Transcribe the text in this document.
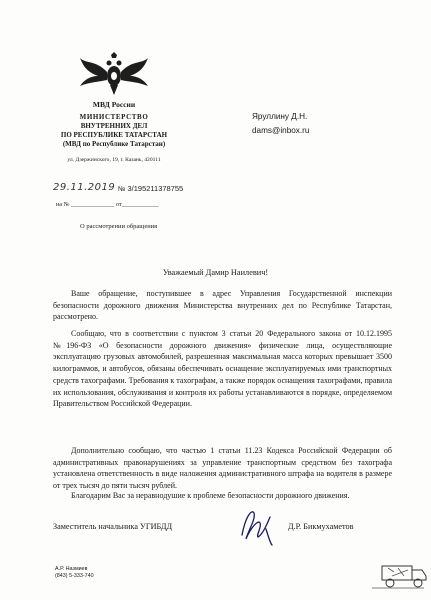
МВД России
МИНИСТЕРСТВО
ВНУТРЕННИХ ДЕЛ
ПО РЕСПУБЛИКЕ ТАТАРСТАН
(МВД по Республике Татарстан)
ул. Дзержинского, 19, г. Казань, 420111
29.11.2019 № 3/195211378755
на № ______________ от____________
О рассмотрении обращения
Яруллину Д.Н.
dams@inbox.ru
Уважаемый Дамир Наилевич!

Ваше обращение, поступившее в адрес Управления Государственной инспекции безопасности дорожного движения Министерства внутренних дел по Республике Татарстан, рассмотрено.

Сообщаю, что в соответствии с пунктом 3 статьи 20 Федерального закона от 10.12.1995 №196-ФЗ «О безопасности дорожного движения» физические лица, осуществляющие эксплуатацию грузовых автомобилей, разрешенная максимальная масса которых превышает 3500 килограммов, и автобусов, обязаны обеспечивать оснащение эксплуатируемых ими транспортных средств тахографами. Требования к тахографам, а также порядок оснащения тахографами, правила их использования, обслуживания и контроля их работы устанавливаются в порядке, определяемом Правительством Российской Федерации.

Дополнительно сообщаю, что частью 1 статьи 11.23 Кодекса Российской Федерации об административных правонарушениях за управление транспортным средством без тахографа установлена ответственность в виде наложения административного штрафа на водителя в размере от трех тысяч до пяти тысяч рублей.

Благодарим Вас за неравнодушие к проблеме безопасности дорожного движения.

Заместитель начальника УГИБДД	Д.Р. Бикмухаметов
А.Р. Назмиев
(843) 5-333-740
